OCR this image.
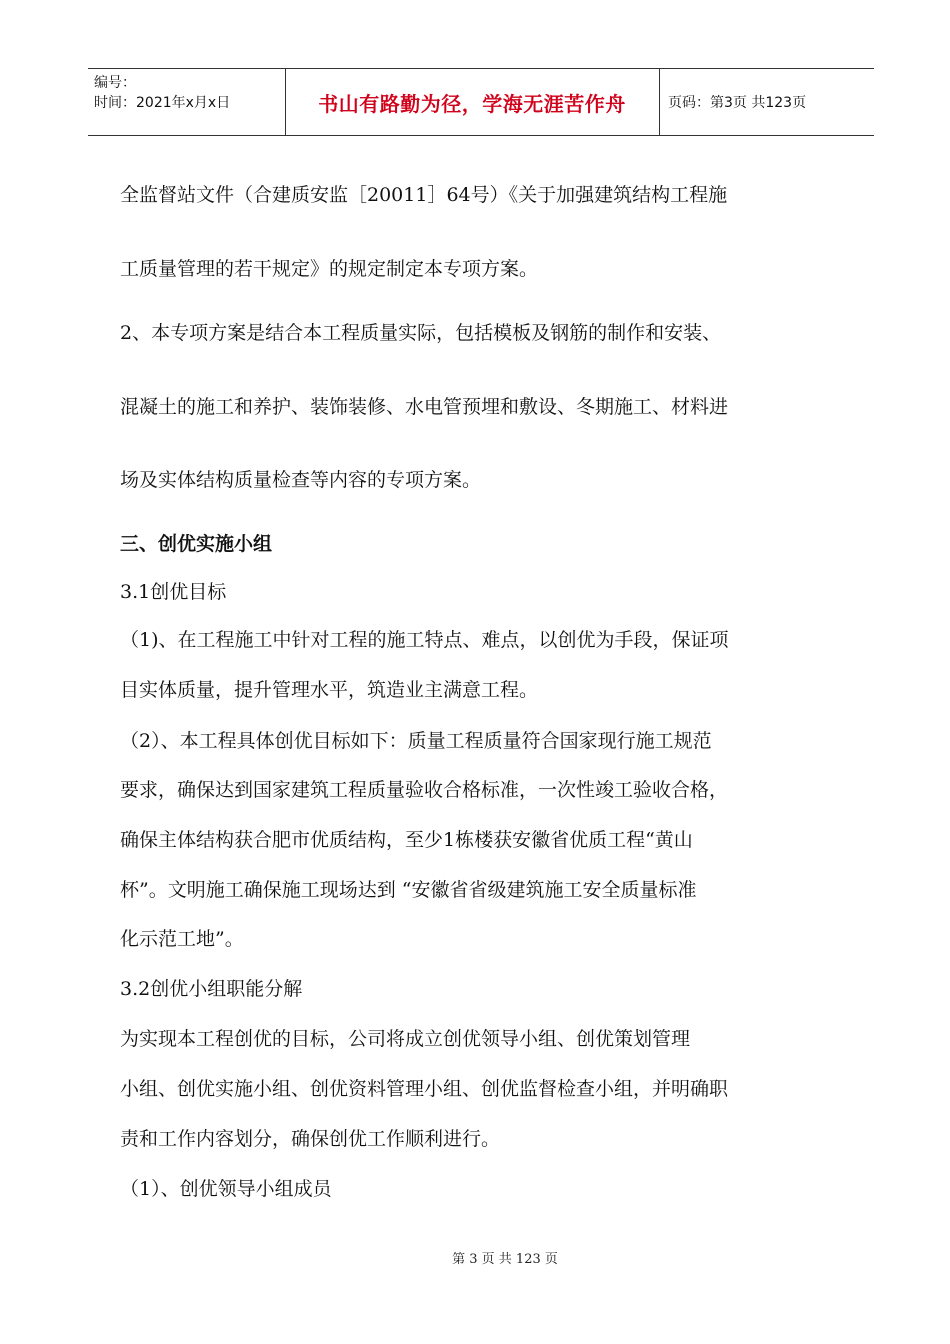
编号：
时间：2021年x月x日	书山有路勤为径，学海无涯苦作舟	页码：第3页 共123页
全监督站文件（合建质安监［20011］64号）《关于加强建筑结构工程施
工质量管理的若干规定》的规定制定本专项方案。
2、本专项方案是结合本工程质量实际，包括模板及钢筋的制作和安装、
混凝土的施工和养护、装饰装修、水电管预埋和敷设、冬期施工、材料进
场及实体结构质量检查等内容的专项方案。
三、创优实施小组
3.1创优目标
（1)、在工程施工中针对工程的施工特点、难点，以创优为手段，保证项
目实体质量，提升管理水平，筑造业主满意工程。
（2）、本工程具体创优目标如下：质量工程质量符合国家现行施工规范
要求，确保达到国家建筑工程质量验收合格标准，一次性竣工验收合格，
确保主体结构获合肥市优质结构，至少1栋楼获安徽省优质工程“黄山
杯”。文明施工确保施工现场达到 “安徽省省级建筑施工安全质量标准
化示范工地”。
3.2创优小组职能分解
为实现本工程创优的目标，公司将成立创优领导小组、创优策划管理
小组、创优实施小组、创优资料管理小组、创优监督检查小组，并明确职
责和工作内容划分，确保创优工作顺利进行。
（1）、创优领导小组成员
第 3 页 共 123 页
